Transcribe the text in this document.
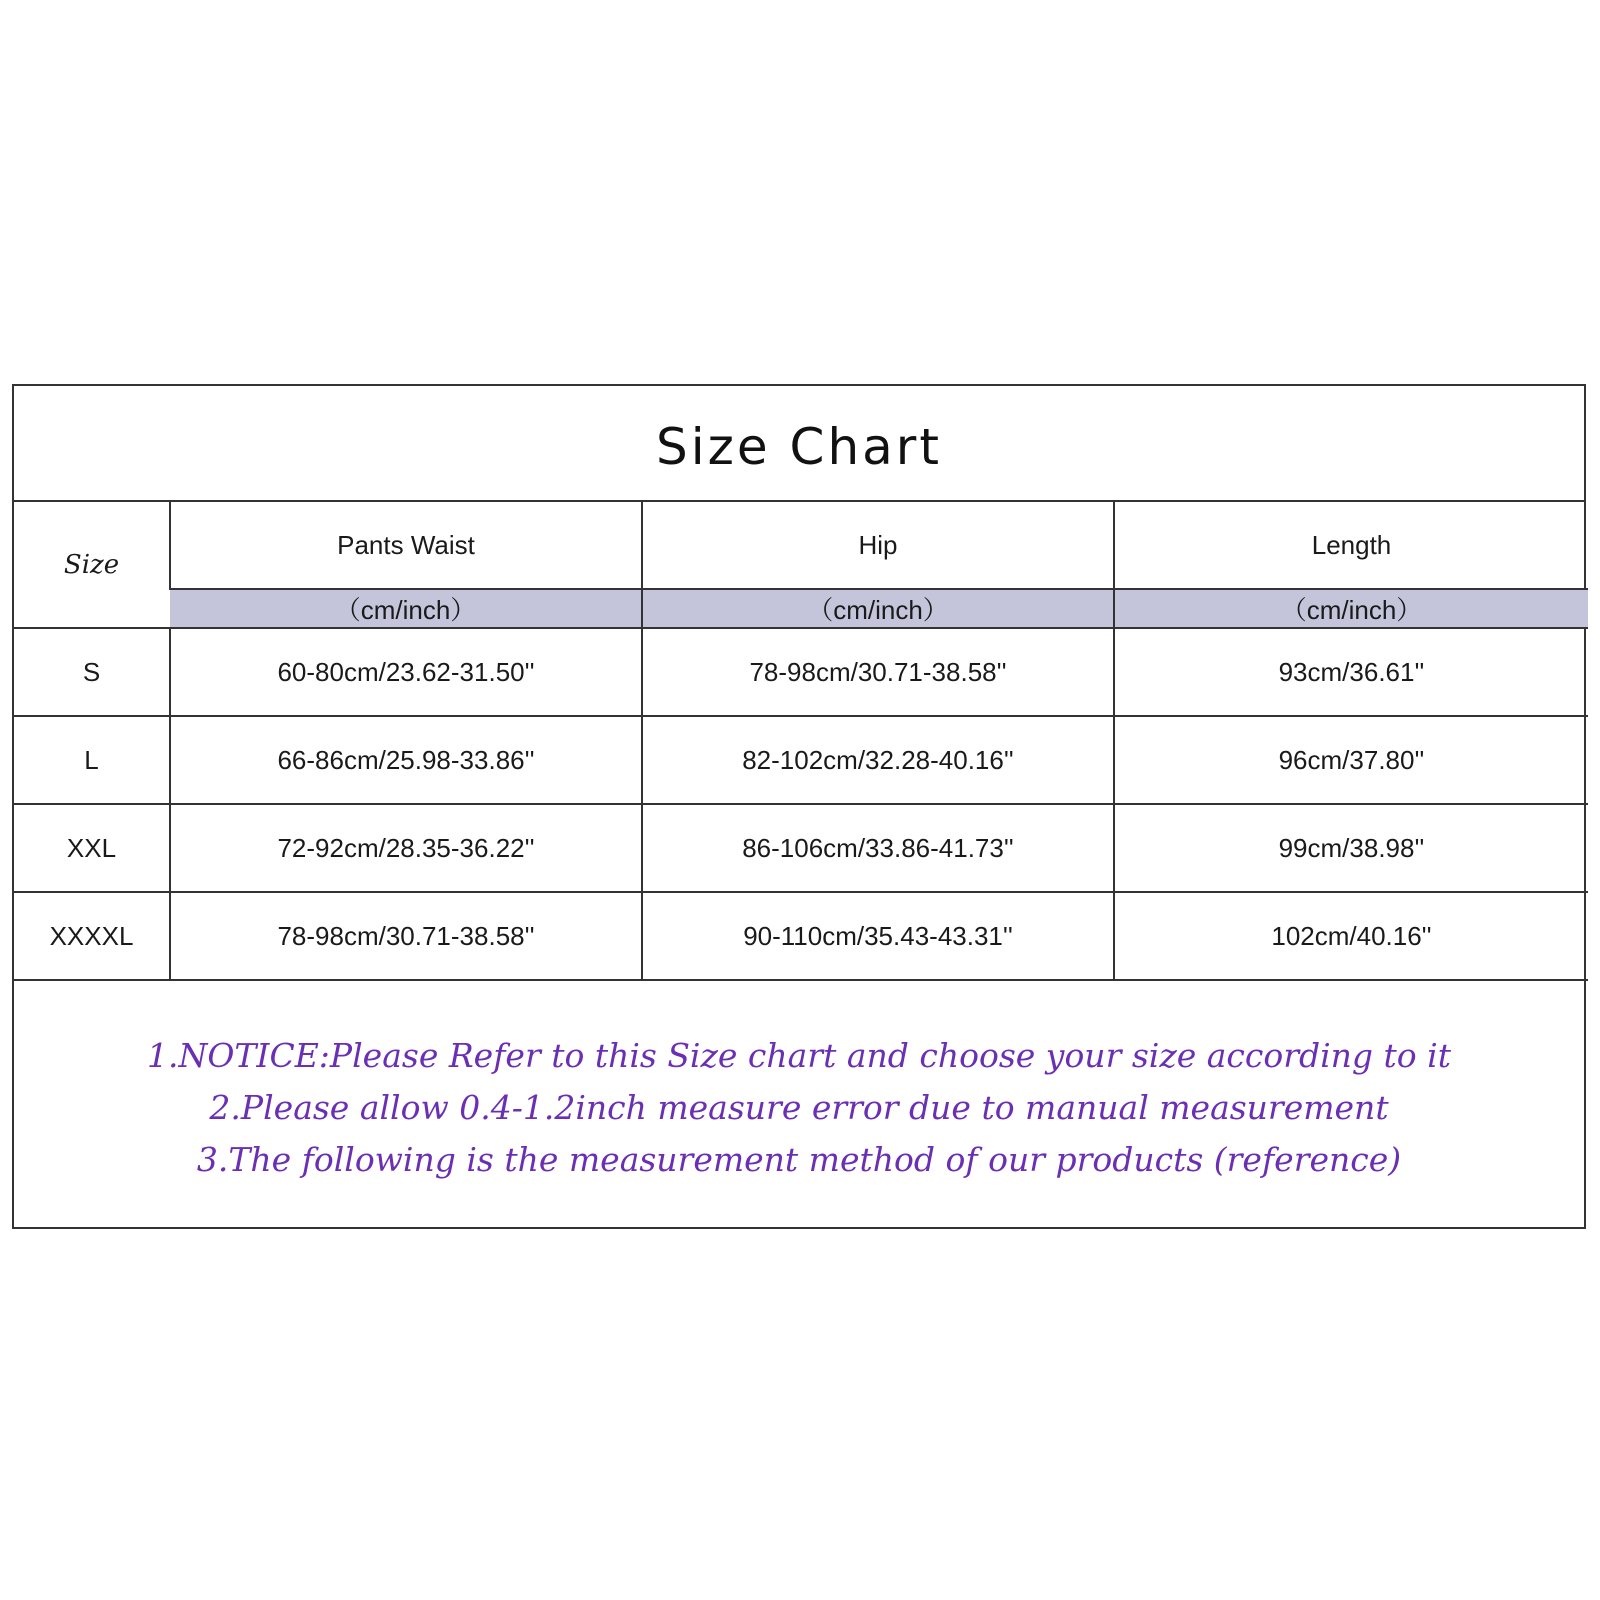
Size Chart
Size	Pants Waist	Hip	Length
	（cm/inch）	（cm/inch）	（cm/inch）
S	60-80cm/23.62-31.50''	78-98cm/30.71-38.58''	93cm/36.61''
L	66-86cm/25.98-33.86''	82-102cm/32.28-40.16''	96cm/37.80''
XXL	72-92cm/28.35-36.22''	86-106cm/33.86-41.73''	99cm/38.98''
XXXXL	78-98cm/30.71-38.58''	90-110cm/35.43-43.31''	102cm/40.16''
1.NOTICE:Please Refer to this Size chart and choose your size according to it
2.Please allow 0.4-1.2inch measure error due to manual measurement
3.The following is the measurement method of our products (reference)
